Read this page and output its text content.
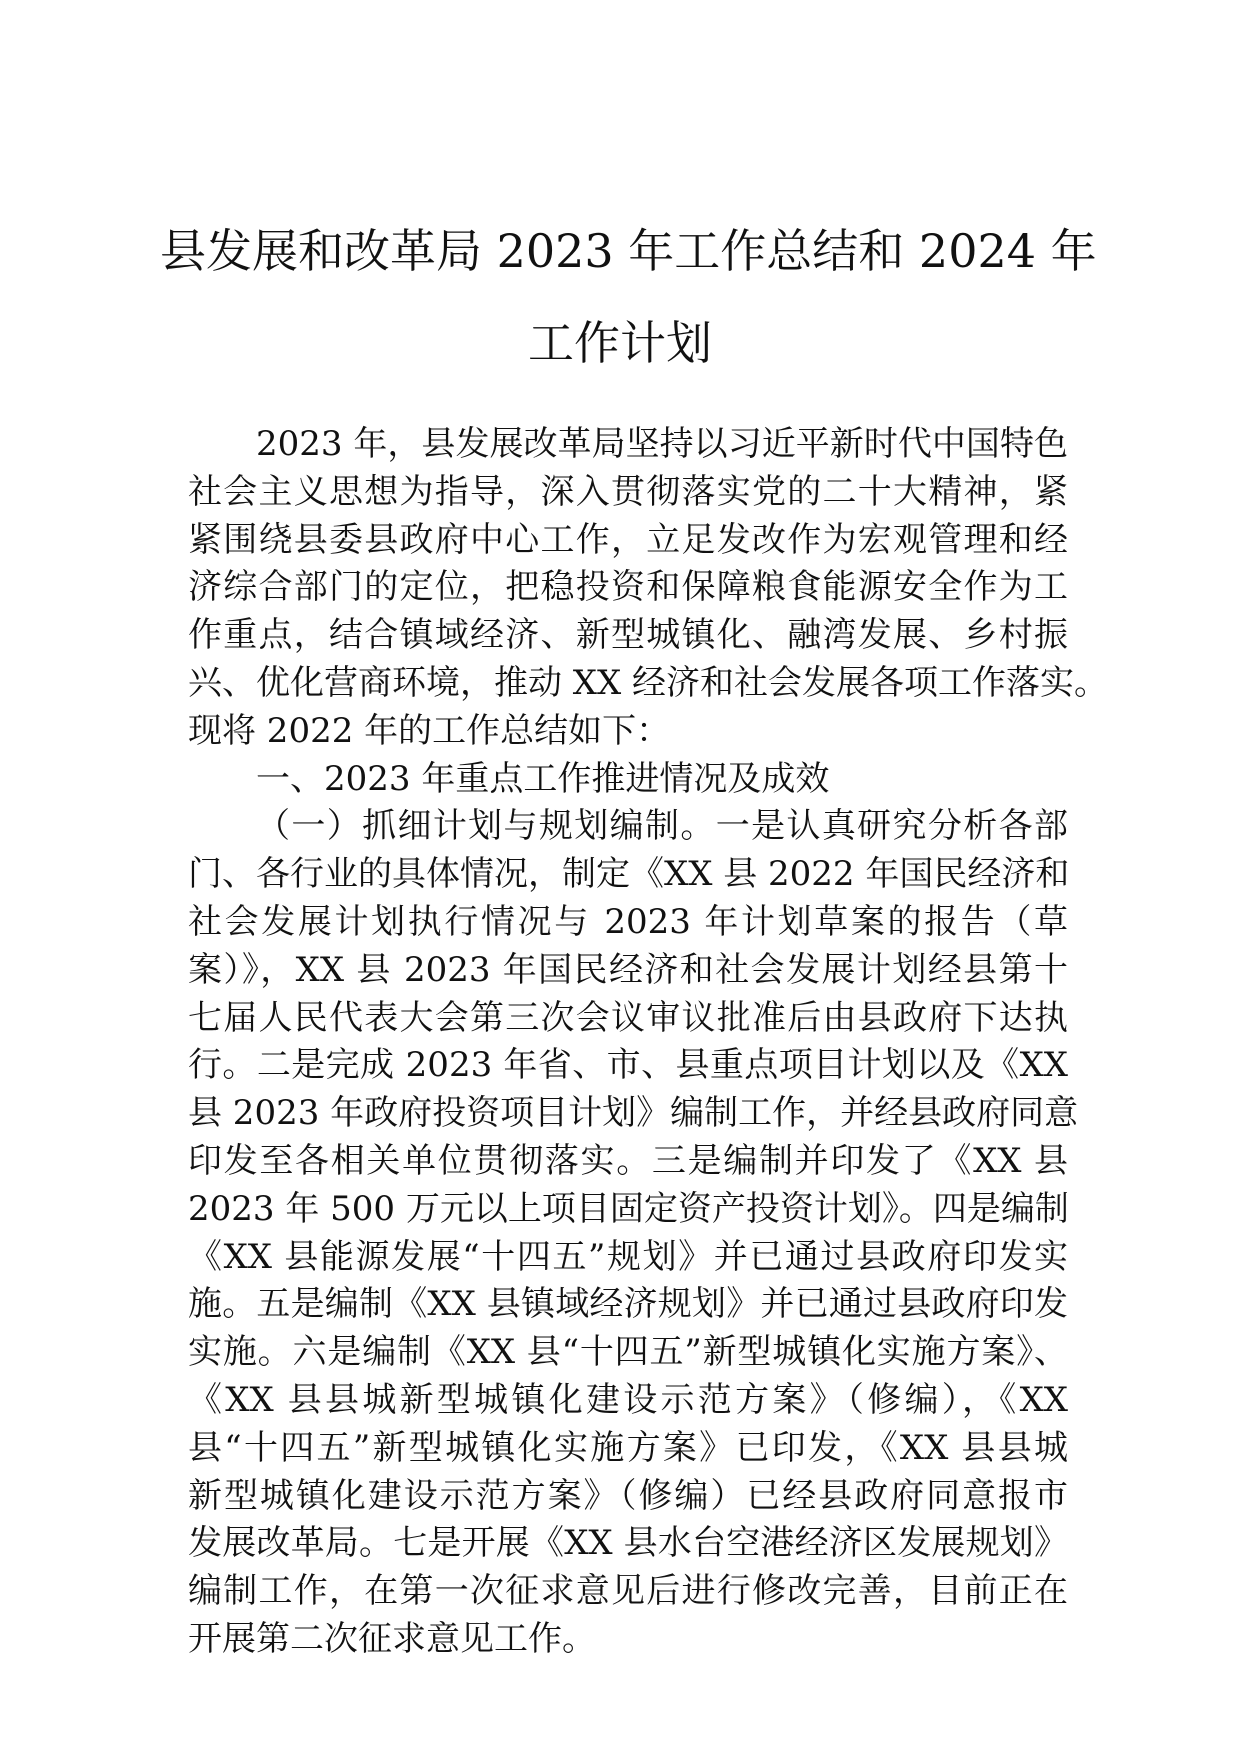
县发展和改革局 2023 年工作总结和 2024 年
工作计划
2023 年，县发展改革局坚持以习近平新时代中国特色
社会主义思想为指导，深入贯彻落实党的二十大精神，紧
紧围绕县委县政府中心工作，立足发改作为宏观管理和经
济综合部门的定位，把稳投资和保障粮食能源安全作为工
作重点，结合镇域经济、新型城镇化、融湾发展、乡村振
兴、优化营商环境，推动 XX 经济和社会发展各项工作落实。
现将 2022 年的工作总结如下：
一、2023 年重点工作推进情况及成效
（一）抓细计划与规划编制。一是认真研究分析各部
门、各行业的具体情况，制定《XX 县 2022 年国民经济和
社会发展计划执行情况与 2023 年计划草案的报告（草
案）》，XX 县 2023 年国民经济和社会发展计划经县第十
七届人民代表大会第三次会议审议批准后由县政府下达执
行。二是完成 2023 年省、市、县重点项目计划以及《XX
县 2023 年政府投资项目计划》编制工作，并经县政府同意
印发至各相关单位贯彻落实。三是编制并印发了《XX 县
2023 年 500 万元以上项目固定资产投资计划》。四是编制
《XX 县能源发展“十四五”规划》并已通过县政府印发实
施。五是编制《XX 县镇域经济规划》并已通过县政府印发
实施。六是编制《XX 县“十四五”新型城镇化实施方案》、
《XX 县县城新型城镇化建设示范方案》（修编），《XX
县“十四五”新型城镇化实施方案》已印发，《XX 县县城
新型城镇化建设示范方案》（修编）已经县政府同意报市
发展改革局。七是开展《XX 县水台空港经济区发展规划》
编制工作，在第一次征求意见后进行修改完善，目前正在
开展第二次征求意见工作。
